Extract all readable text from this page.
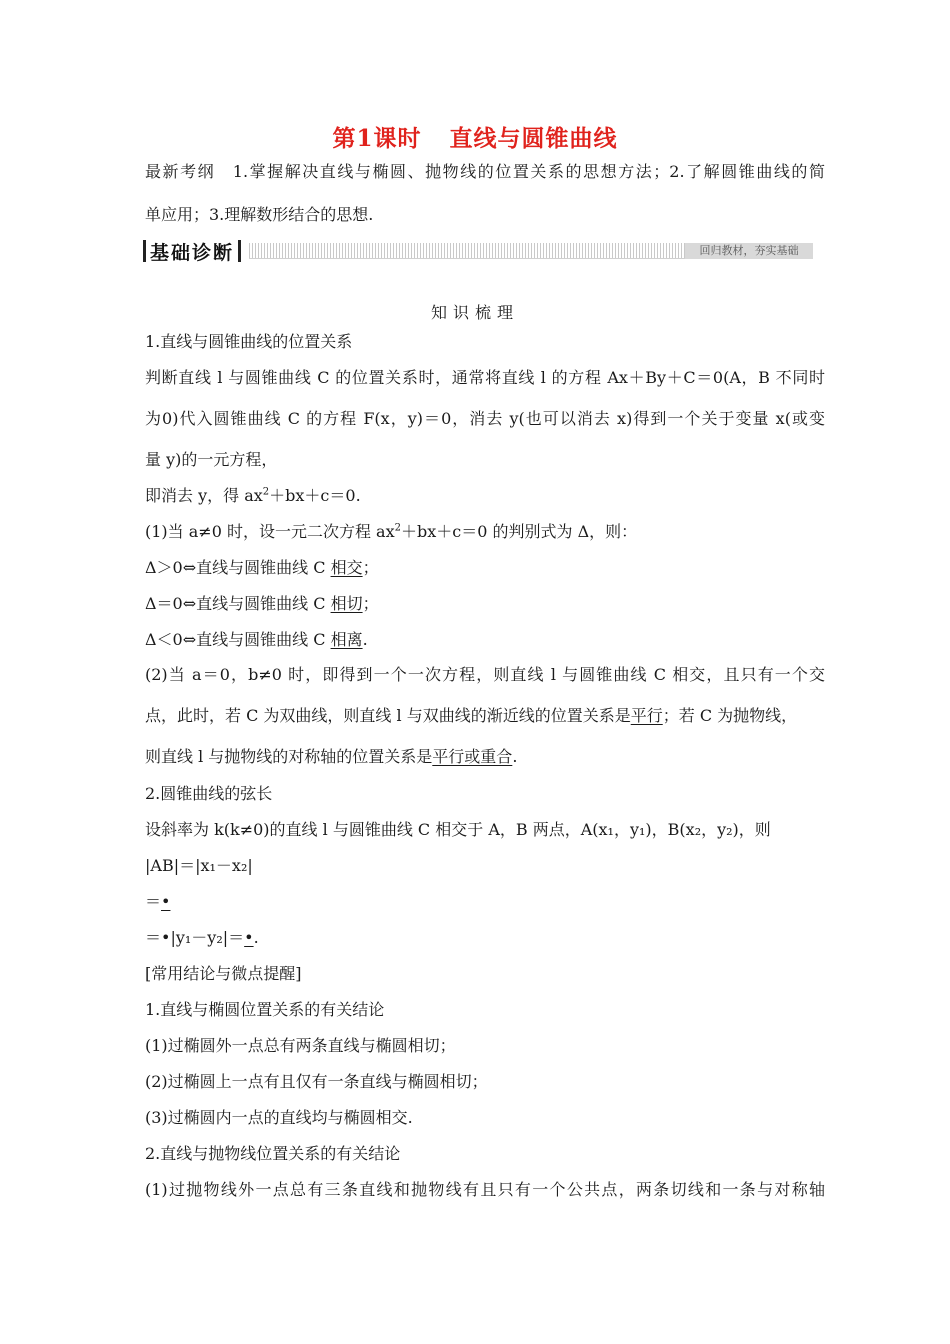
第1课时 直线与圆锥曲线
最新考纲　1.掌握解决直线与椭圆、抛物线的位置关系的思想方法；2.了解圆锥曲线的简
单应用；3.理解数形结合的思想.
基础诊断	回归教材，夯实基础
知识梳理
1.直线与圆锥曲线的位置关系
判断直线 l 与圆锥曲线 C 的位置关系时，通常将直线 l 的方程 Ax＋By＋C＝0(A，B 不同时
为0)代入圆锥曲线 C 的方程 F(x，y)＝0，消去 y(也可以消去 x)得到一个关于变量 x(或变
量 y)的一元方程，
即消去 y，得 $ax^2+bx+c=0$.
(1)当 a≠0 时，设一元二次方程 $ax^2+bx+c=0$ 的判别式为 Δ，则：
Δ＞0⇔直线与圆锥曲线 C 相交；
Δ＝0⇔直线与圆锥曲线 C 相切；
Δ＜0⇔直线与圆锥曲线 C 相离.
(2)当 a＝0，b≠0 时，即得到一个一次方程，则直线 l 与圆锥曲线 C 相交，且只有一个交
点，此时，若 C 为双曲线，则直线 l 与双曲线的渐近线的位置关系是平行；若 C 为抛物线，
则直线 l 与抛物线的对称轴的位置关系是平行或重合.
2.圆锥曲线的弦长
设斜率为 k(k≠0)的直线 l 与圆锥曲线 C 相交于 A，B 两点，A(x₁，y₁)，B(x₂，y₂)，则
|AB|＝|x₁－x₂|
＝•
＝•|y₁－y₂|＝•.
[常用结论与微点提醒]
1.直线与椭圆位置关系的有关结论
(1)过椭圆外一点总有两条直线与椭圆相切；
(2)过椭圆上一点有且仅有一条直线与椭圆相切；
(3)过椭圆内一点的直线均与椭圆相交.
2.直线与抛物线位置关系的有关结论
(1)过抛物线外一点总有三条直线和抛物线有且只有一个公共点，两条切线和一条与对称轴
